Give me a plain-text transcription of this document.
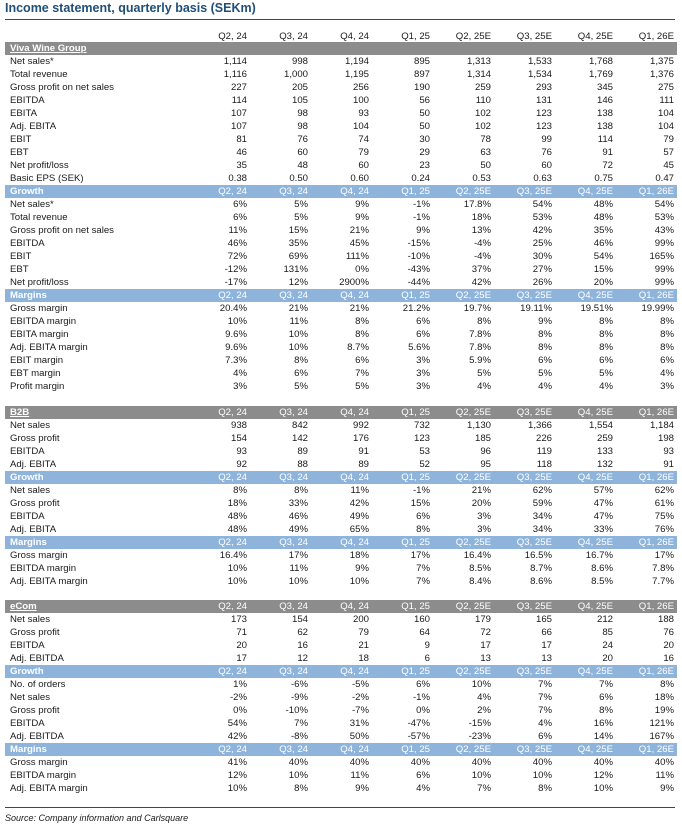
Income statement, quarterly basis (SEKm)
Q2, 24	Q3, 24	Q4, 24	Q1, 25	Q2, 25E	Q3, 25E	Q4, 25E	Q1, 26E
Viva Wine Group
Net sales*	1,114	998	1,194	895	1,313	1,533	1,768	1,375
Total revenue	1,116	1,000	1,195	897	1,314	1,534	1,769	1,376
Gross profit on net sales	227	205	256	190	259	293	345	275
EBITDA	114	105	100	56	110	131	146	111
EBITA	107	98	93	50	102	123	138	104
Adj. EBITA	107	98	104	50	102	123	138	104
EBIT	81	76	74	30	78	99	114	79
EBT	46	60	79	29	63	76	91	57
Net profit/loss	35	48	60	23	50	60	72	45
Basic EPS (SEK)	0.38	0.50	0.60	0.24	0.53	0.63	0.75	0.47
Growth	Q2, 24	Q3, 24	Q4, 24	Q1, 25	Q2, 25E	Q3, 25E	Q4, 25E	Q1, 26E
Net sales*	6%	5%	9%	-1%	17.8%	54%	48%	54%
Total revenue	6%	5%	9%	-1%	18%	53%	48%	53%
Gross profit on net sales	11%	15%	21%	9%	13%	42%	35%	43%
EBITDA	46%	35%	45%	-15%	-4%	25%	46%	99%
EBIT	72%	69%	111%	-10%	-4%	30%	54%	165%
EBT	-12%	131%	0%	-43%	37%	27%	15%	99%
Net profit/loss	-17%	12%	2900%	-44%	42%	26%	20%	99%
Margins	Q2, 24	Q3, 24	Q4, 24	Q1, 25	Q2, 25E	Q3, 25E	Q4, 25E	Q1, 26E
Gross margin	20.4%	21%	21%	21.2%	19.7%	19.11%	19.51%	19.99%
EBITDA margin	10%	11%	8%	6%	8%	9%	8%	8%
EBITA margin	9.6%	10%	8%	6%	7.8%	8%	8%	8%
Adj. EBITA margin	9.6%	10%	8.7%	5.6%	7.8%	8%	8%	8%
EBIT margin	7.3%	8%	6%	3%	5.9%	6%	6%	6%
EBT margin	4%	6%	7%	3%	5%	5%	5%	4%
Profit margin	3%	5%	5%	3%	4%	4%	4%	3%
B2B	Q2, 24	Q3, 24	Q4, 24	Q1, 25	Q2, 25E	Q3, 25E	Q4, 25E	Q1, 26E
Net sales	938	842	992	732	1,130	1,366	1,554	1,184
Gross profit	154	142	176	123	185	226	259	198
EBITDA	93	89	91	53	96	119	133	93
Adj. EBITA	92	88	89	52	95	118	132	91
Growth	Q2, 24	Q3, 24	Q4, 24	Q1, 25	Q2, 25E	Q3, 25E	Q4, 25E	Q1, 26E
Net sales	8%	8%	11%	-1%	21%	62%	57%	62%
Gross profit	18%	33%	42%	15%	20%	59%	47%	61%
EBITDA	48%	46%	49%	6%	3%	34%	47%	75%
Adj. EBITA	48%	49%	65%	8%	3%	34%	33%	76%
Margins	Q2, 24	Q3, 24	Q4, 24	Q1, 25	Q2, 25E	Q3, 25E	Q4, 25E	Q1, 26E
Gross margin	16.4%	17%	18%	17%	16.4%	16.5%	16.7%	17%
EBITDA margin	10%	11%	9%	7%	8.5%	8.7%	8.6%	7.8%
Adj. EBITA margin	10%	10%	10%	7%	8.4%	8.6%	8.5%	7.7%
eCom	Q2, 24	Q3, 24	Q4, 24	Q1, 25	Q2, 25E	Q3, 25E	Q4, 25E	Q1, 26E
Net sales	173	154	200	160	179	165	212	188
Gross profit	71	62	79	64	72	66	85	76
EBITDA	20	16	21	9	17	17	24	20
Adj. EBITDA	17	12	18	6	13	13	20	16
Growth	Q2, 24	Q3, 24	Q4, 24	Q1, 25	Q2, 25E	Q3, 25E	Q4, 25E	Q1, 26E
No. of orders	1%	-6%	-5%	6%	10%	7%	7%	8%
Net sales	-2%	-9%	-2%	-1%	4%	7%	6%	18%
Gross profit	0%	-10%	-7%	0%	2%	7%	8%	19%
EBITDA	54%	7%	31%	-47%	-15%	4%	16%	121%
Adj. EBITDA	42%	-8%	50%	-57%	-23%	6%	14%	167%
Margins	Q2, 24	Q3, 24	Q4, 24	Q1, 25	Q2, 25E	Q3, 25E	Q4, 25E	Q1, 26E
Gross margin	41%	40%	40%	40%	40%	40%	40%	40%
EBITDA margin	12%	10%	11%	6%	10%	10%	12%	11%
Adj. EBITA margin	10%	8%	9%	4%	7%	8%	10%	9%
Source: Company information and Carlsquare
